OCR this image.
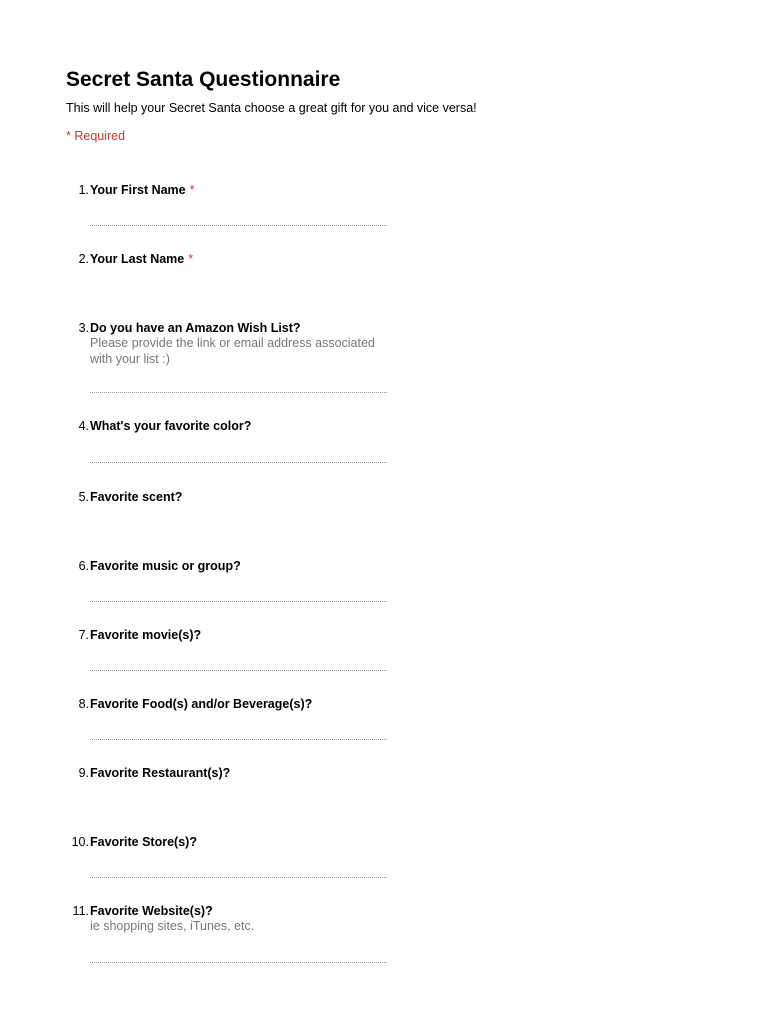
Secret Santa Questionnaire
This will help your Secret Santa choose a great gift for you and vice versa!
* Required
1. Your First Name *
2. Your Last Name *
3. Do you have an Amazon Wish List?
Please provide the link or email address associated with your list :)
4. What's your favorite color?
5. Favorite scent?
6. Favorite music or group?
7. Favorite movie(s)?
8. Favorite Food(s) and/or Beverage(s)?
9. Favorite Restaurant(s)?
10. Favorite Store(s)?
11. Favorite Website(s)?
ie shopping sites, iTunes, etc.
